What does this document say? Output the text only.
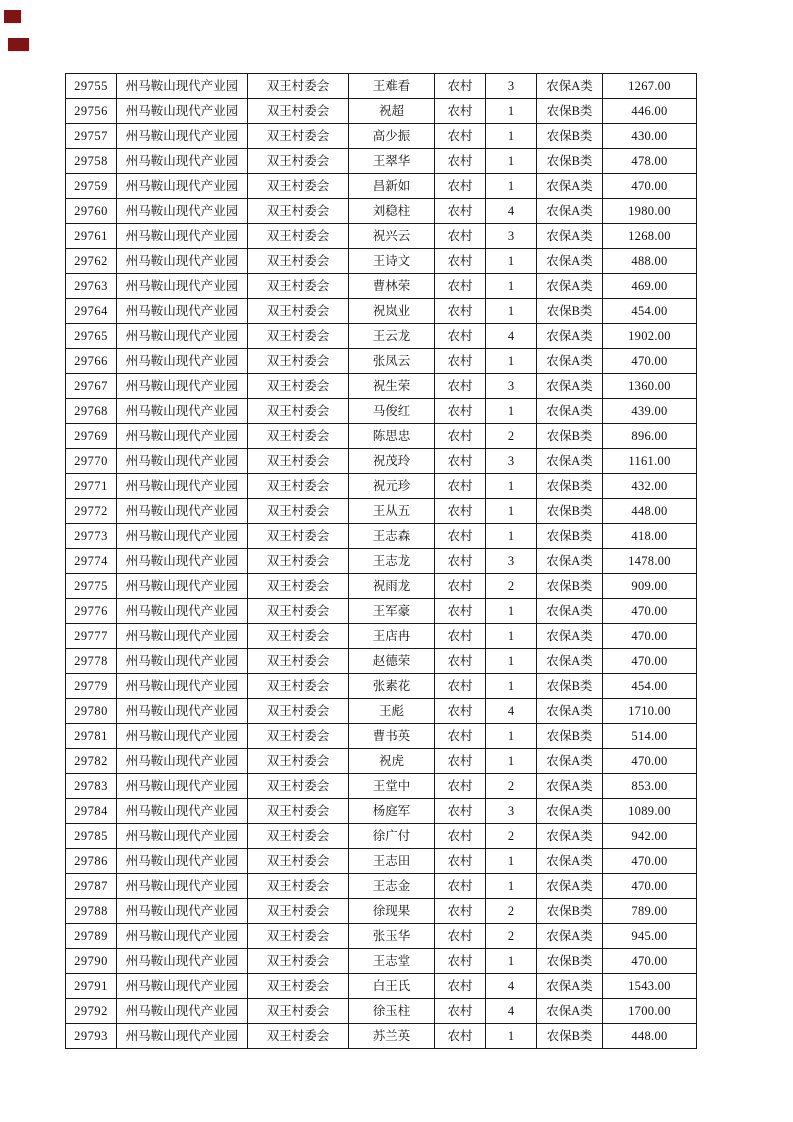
29755	州马鞍山现代产业园	双王村委会	王难看	农村	3	农保A类	1267.00
29756	州马鞍山现代产业园	双王村委会	祝超	农村	1	农保B类	446.00
29757	州马鞍山现代产业园	双王村委会	高少振	农村	1	农保B类	430.00
29758	州马鞍山现代产业园	双王村委会	王翠华	农村	1	农保B类	478.00
29759	州马鞍山现代产业园	双王村委会	昌新如	农村	1	农保A类	470.00
29760	州马鞍山现代产业园	双王村委会	刘稳柱	农村	4	农保A类	1980.00
29761	州马鞍山现代产业园	双王村委会	祝兴云	农村	3	农保A类	1268.00
29762	州马鞍山现代产业园	双王村委会	王诗文	农村	1	农保A类	488.00
29763	州马鞍山现代产业园	双王村委会	曹林荣	农村	1	农保A类	469.00
29764	州马鞍山现代产业园	双王村委会	祝岚业	农村	1	农保B类	454.00
29765	州马鞍山现代产业园	双王村委会	王云龙	农村	4	农保A类	1902.00
29766	州马鞍山现代产业园	双王村委会	张凤云	农村	1	农保A类	470.00
29767	州马鞍山现代产业园	双王村委会	祝生荣	农村	3	农保A类	1360.00
29768	州马鞍山现代产业园	双王村委会	马俊红	农村	1	农保A类	439.00
29769	州马鞍山现代产业园	双王村委会	陈思忠	农村	2	农保B类	896.00
29770	州马鞍山现代产业园	双王村委会	祝茂玲	农村	3	农保A类	1161.00
29771	州马鞍山现代产业园	双王村委会	祝元珍	农村	1	农保B类	432.00
29772	州马鞍山现代产业园	双王村委会	王从五	农村	1	农保B类	448.00
29773	州马鞍山现代产业园	双王村委会	王志森	农村	1	农保B类	418.00
29774	州马鞍山现代产业园	双王村委会	王志龙	农村	3	农保A类	1478.00
29775	州马鞍山现代产业园	双王村委会	祝雨龙	农村	2	农保B类	909.00
29776	州马鞍山现代产业园	双王村委会	王军豪	农村	1	农保A类	470.00
29777	州马鞍山现代产业园	双王村委会	王店冉	农村	1	农保A类	470.00
29778	州马鞍山现代产业园	双王村委会	赵德荣	农村	1	农保A类	470.00
29779	州马鞍山现代产业园	双王村委会	张素花	农村	1	农保B类	454.00
29780	州马鞍山现代产业园	双王村委会	王彪	农村	4	农保A类	1710.00
29781	州马鞍山现代产业园	双王村委会	曹书英	农村	1	农保B类	514.00
29782	州马鞍山现代产业园	双王村委会	祝虎	农村	1	农保A类	470.00
29783	州马鞍山现代产业园	双王村委会	王堂中	农村	2	农保A类	853.00
29784	州马鞍山现代产业园	双王村委会	杨庭军	农村	3	农保A类	1089.00
29785	州马鞍山现代产业园	双王村委会	徐广付	农村	2	农保A类	942.00
29786	州马鞍山现代产业园	双王村委会	王志田	农村	1	农保A类	470.00
29787	州马鞍山现代产业园	双王村委会	王志金	农村	1	农保A类	470.00
29788	州马鞍山现代产业园	双王村委会	徐现果	农村	2	农保B类	789.00
29789	州马鞍山现代产业园	双王村委会	张玉华	农村	2	农保A类	945.00
29790	州马鞍山现代产业园	双王村委会	王志堂	农村	1	农保B类	470.00
29791	州马鞍山现代产业园	双王村委会	白王氏	农村	4	农保A类	1543.00
29792	州马鞍山现代产业园	双王村委会	徐玉柱	农村	4	农保A类	1700.00
29793	州马鞍山现代产业园	双王村委会	苏兰英	农村	1	农保B类	448.00
